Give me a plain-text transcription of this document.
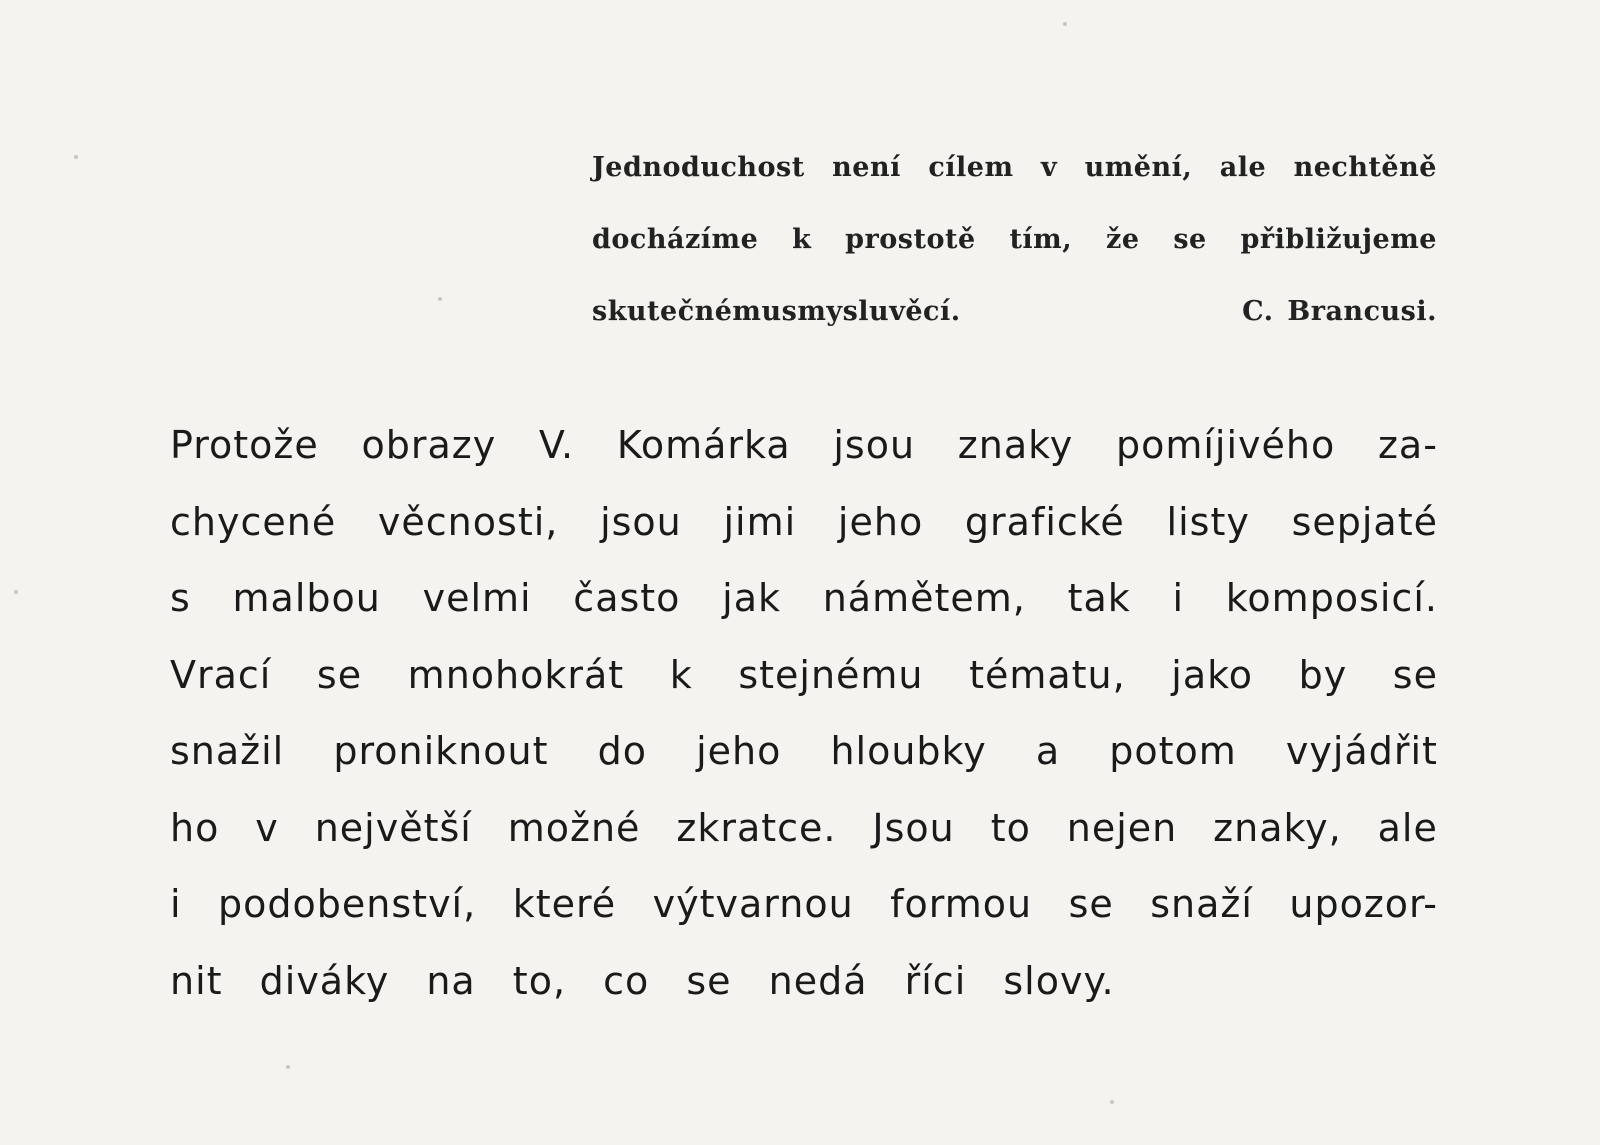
Jednoduchost není cílem v umění, ale nechtěně
docházíme k prostotě tím, že se přibližujeme
skutečnému smyslu věcí.	C. Brancusi.
Protože obrazy V. Komárka jsou znaky pomíjivého za-
chycené věcnosti, jsou jimi jeho grafické listy sepjaté
s malbou velmi často jak námětem, tak i komposicí.
Vrací se mnohokrát k stejnému tématu, jako by se
snažil proniknout do jeho hloubky a potom vyjádřit
ho v největší možné zkratce. Jsou to nejen znaky, ale
i podobenství, které výtvarnou formou se snaží upozor-
nit diváky na to, co se nedá říci slovy.
